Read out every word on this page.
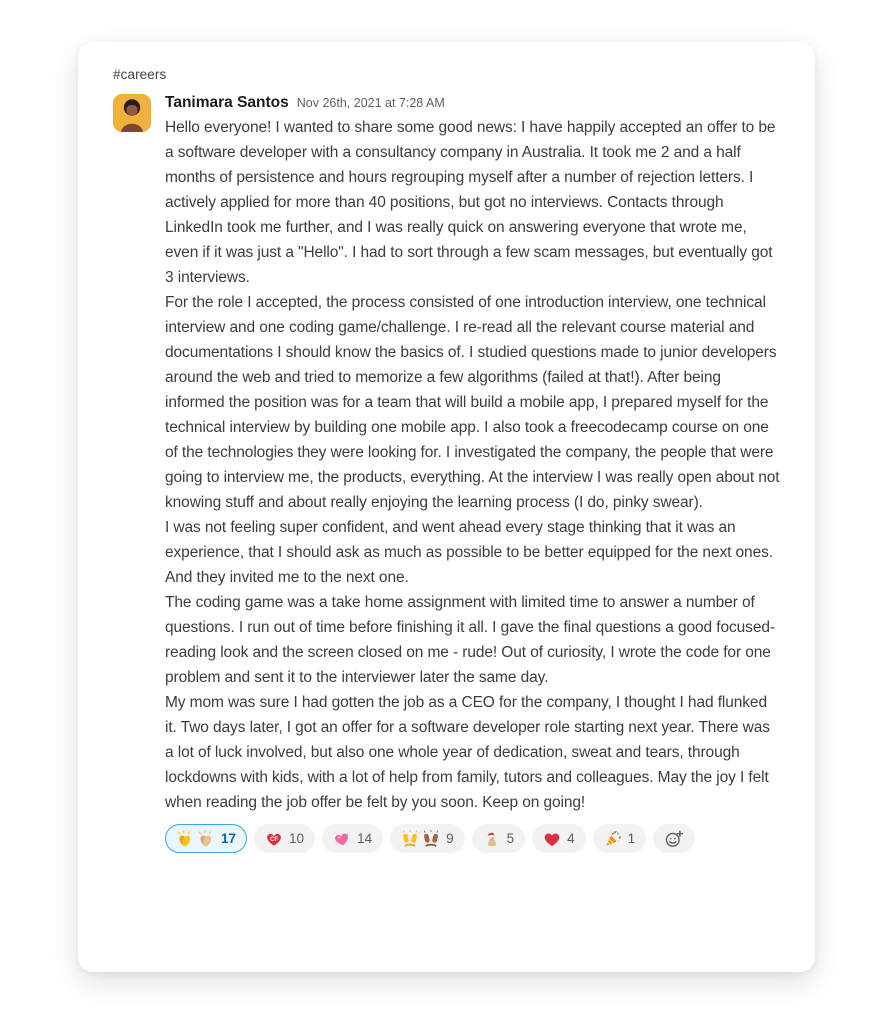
#careers
Tanimara Santos Nov 26th, 2021 at 7:28 AM

Hello everyone! I wanted to share some good news: I have happily accepted an offer to be a software developer with a consultancy company in Australia. It took me 2 and a half months of persistence and hours regrouping myself after a number of rejection letters. I actively applied for more than 40 positions, but got no interviews. Contacts through LinkedIn took me further, and I was really quick on answering everyone that wrote me, even if it was just a "Hello". I had to sort through a few scam messages, but eventually got 3 interviews.

For the role I accepted, the process consisted of one introduction interview, one technical interview and one coding game/challenge. I re-read all the relevant course material and documentations I should know the basics of. I studied questions made to junior developers around the web and tried to memorize a few algorithms (failed at that!). After being informed the position was for a team that will build a mobile app, I prepared myself for the technical interview by building one mobile app. I also took a freecodecamp course on one of the technologies they were looking for. I investigated the company, the people that were going to interview me, the products, everything. At the interview I was really open about not knowing stuff and about really enjoying the learning process (I do, pinky swear).

I was not feeling super confident, and went ahead every stage thinking that it was an experience, that I should ask as much as possible to be better equipped for the next ones. And they invited me to the next one.

The coding game was a take home assignment with limited time to answer a number of questions. I run out of time before finishing it all. I gave the final questions a good focused-reading look and the screen closed on me - rude! Out of curiosity, I wrote the code for one problem and sent it to the interviewer later the same day.

My mom was sure I had gotten the job as a CEO for the company, I thought I had flunked it. Two days later, I got an offer for a software developer role starting next year. There was a lot of luck involved, but also one whole year of dedication, sweat and tears, through lockdowns with kids, with a lot of help from family, tutors and colleagues. May the joy I felt when reading the job offer be felt by you soon. Keep on going!

17	CF 10	14	9	5	4	1
